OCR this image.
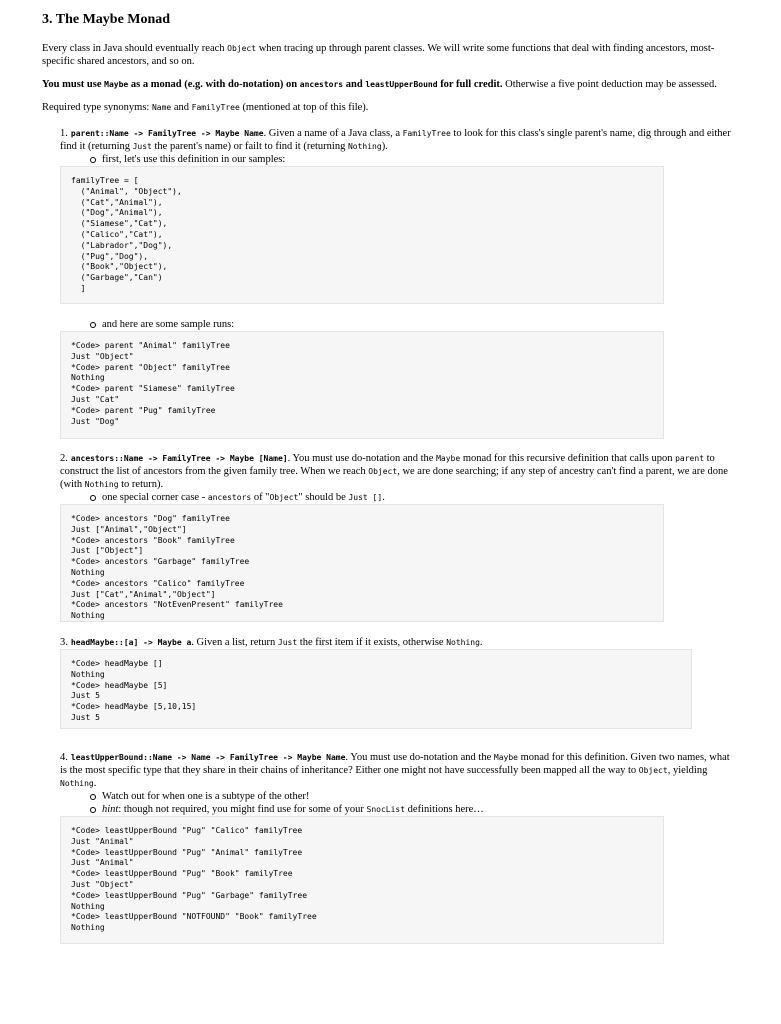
3. The Maybe Monad

Every class in Java should eventually reach Object when tracing up through parent classes. We will write some functions that deal with finding ancestors, most-specific shared ancestors, and so on.

You must use Maybe as a monad (e.g. with do-notation) on ancestors and leastUpperBound for full credit. Otherwise a five point deduction may be assessed.

Required type synonyms: Name and FamilyTree (mentioned at top of this file).

1. parent::Name -> FamilyTree -> Maybe Name. Given a name of a Java class, a FamilyTree to look for this class's single parent's name, dig through and either find it (returning Just the parent's name) or failt to find it (returning Nothing).
first, let's use this definition in our samples:
familyTree = [
("Animal", "Object"),
("Cat","Animal"),
("Dog","Animal"),
("Siamese","Cat"),
("Calico","Cat"),
("Labrador","Dog"),
("Pug","Dog"),
("Book","Object"),
("Garbage","Can")
]
and here are some sample runs:
*Code> parent "Animal" familyTree
Just "Object"
*Code> parent "Object" familyTree
Nothing
*Code> parent "Siamese" familyTree
Just "Cat"
*Code> parent "Pug" familyTree
Just "Dog"
2. ancestors::Name -> FamilyTree -> Maybe [Name]. You must use do-notation and the Maybe monad for this recursive definition that calls upon parent to construct the list of ancestors from the given family tree. When we reach Object, we are done searching; if any step of ancestry can't find a parent, we are done (with Nothing to return).
one special corner case - ancestors of "Object" should be Just [].
*Code> ancestors "Dog" familyTree
Just ["Animal","Object"]
*Code> ancestors "Book" familyTree
Just ["Object"]
*Code> ancestors "Garbage" familyTree
Nothing
*Code> ancestors "Calico" familyTree
Just ["Cat","Animal","Object"]
*Code> ancestors "NotEvenPresent" familyTree
Nothing
3. headMaybe::[a] -> Maybe a. Given a list, return Just the first item if it exists, otherwise Nothing.
*Code> headMaybe []
Nothing
*Code> headMaybe [5]
Just 5
*Code> headMaybe [5,10,15]
Just 5
4. leastUpperBound::Name -> Name -> FamilyTree -> Maybe Name. You must use do-notation and the Maybe monad for this definition. Given two names, what is the most specific type that they share in their chains of inheritance? Either one might not have successfully been mapped all the way to Object, yielding Nothing.
Watch out for when one is a subtype of the other!
hint: though not required, you might find use for some of your SnocList definitions here…
*Code> leastUpperBound "Pug" "Calico" familyTree
Just "Animal"
*Code> leastUpperBound "Pug" "Animal" familyTree
Just "Animal"
*Code> leastUpperBound "Pug" "Book" familyTree
Just "Object"
*Code> leastUpperBound "Pug" "Garbage" familyTree
Nothing
*Code> leastUpperBound "NOTFOUND" "Book" familyTree
Nothing
